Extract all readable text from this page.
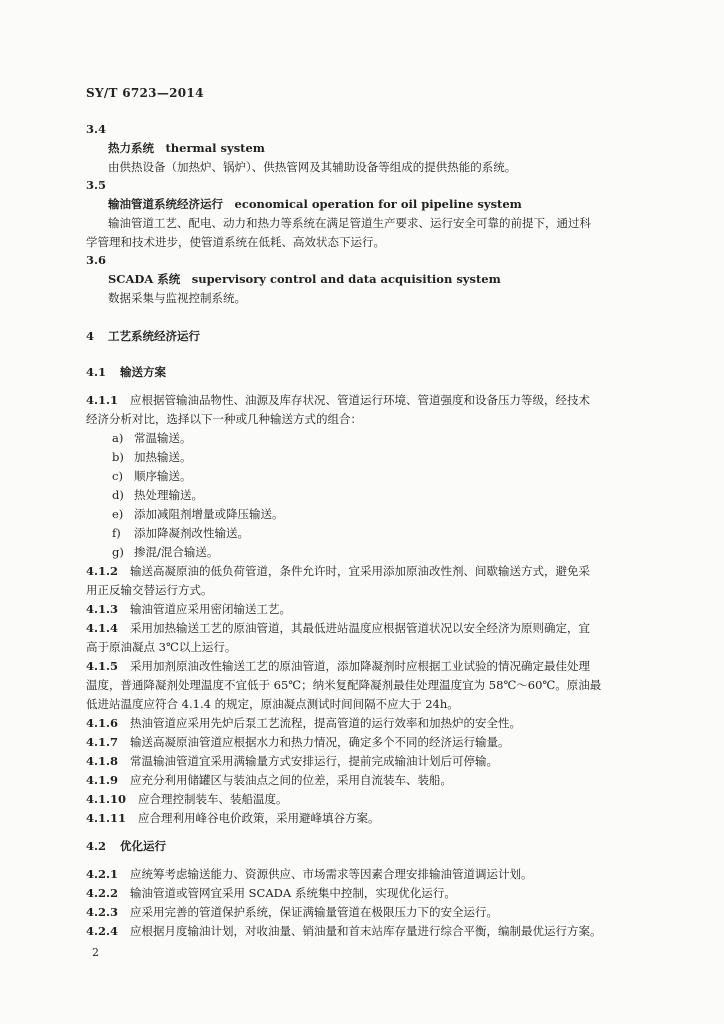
SY/T 6723—2014
3.4
热力系统　thermal system
由供热设备（加热炉、锅炉）、供热管网及其辅助设备等组成的提供热能的系统。
3.5
输油管道系统经济运行　economical operation for oil pipeline system
输油管道工艺、配电、动力和热力等系统在满足管道生产要求、运行安全可靠的前提下，通过科
学管理和技术进步，使管道系统在低耗、高效状态下运行。
3.6
SCADA 系统　supervisory control and data acquisition system
数据采集与监视控制系统。
4 工艺系统经济运行
4.1 输送方案
4.1.1 应根据管输油品物性、油源及库存状况、管道运行环境、管道强度和设备压力等级，经技术
经济分析对比，选择以下一种或几种输送方式的组合：
a) 常温输送。
b) 加热输送。
c) 顺序输送。
d) 热处理输送。
e) 添加减阻剂增量或降压输送。
f) 添加降凝剂改性输送。
g) 掺混/混合输送。
4.1.2 输送高凝原油的低负荷管道，条件允许时，宜采用添加原油改性剂、间歇输送方式，避免采
用正反输交替运行方式。
4.1.3 输油管道应采用密闭输送工艺。
4.1.4 采用加热输送工艺的原油管道，其最低进站温度应根据管道状况以安全经济为原则确定，宜
高于原油凝点 3℃以上运行。
4.1.5 采用加剂原油改性输送工艺的原油管道，添加降凝剂时应根据工业试验的情况确定最佳处理
温度，普通降凝剂处理温度不宜低于 65℃；纳米复配降凝剂最佳处理温度宜为 58℃～60℃。原油最
低进站温度应符合 4.1.4 的规定，原油凝点测试时间间隔不应大于 24h。
4.1.6 热油管道应采用先炉后泵工艺流程，提高管道的运行效率和加热炉的安全性。
4.1.7 输送高凝原油管道应根据水力和热力情况，确定多个不同的经济运行输量。
4.1.8 常温输油管道宜采用满输量方式安排运行，提前完成输油计划后可停输。
4.1.9 应充分利用储罐区与装油点之间的位差，采用自流装车、装船。
4.1.10 应合理控制装车、装船温度。
4.1.11 应合理利用峰谷电价政策，采用避峰填谷方案。
4.2 优化运行
4.2.1 应统筹考虑输送能力、资源供应、市场需求等因素合理安排输油管道调运计划。
4.2.2 输油管道或管网宜采用 SCADA 系统集中控制，实现优化运行。
4.2.3 应采用完善的管道保护系统，保证满输量管道在极限压力下的安全运行。
4.2.4 应根据月度输油计划，对收油量、销油量和首末站库存量进行综合平衡，编制最优运行方案。
2
